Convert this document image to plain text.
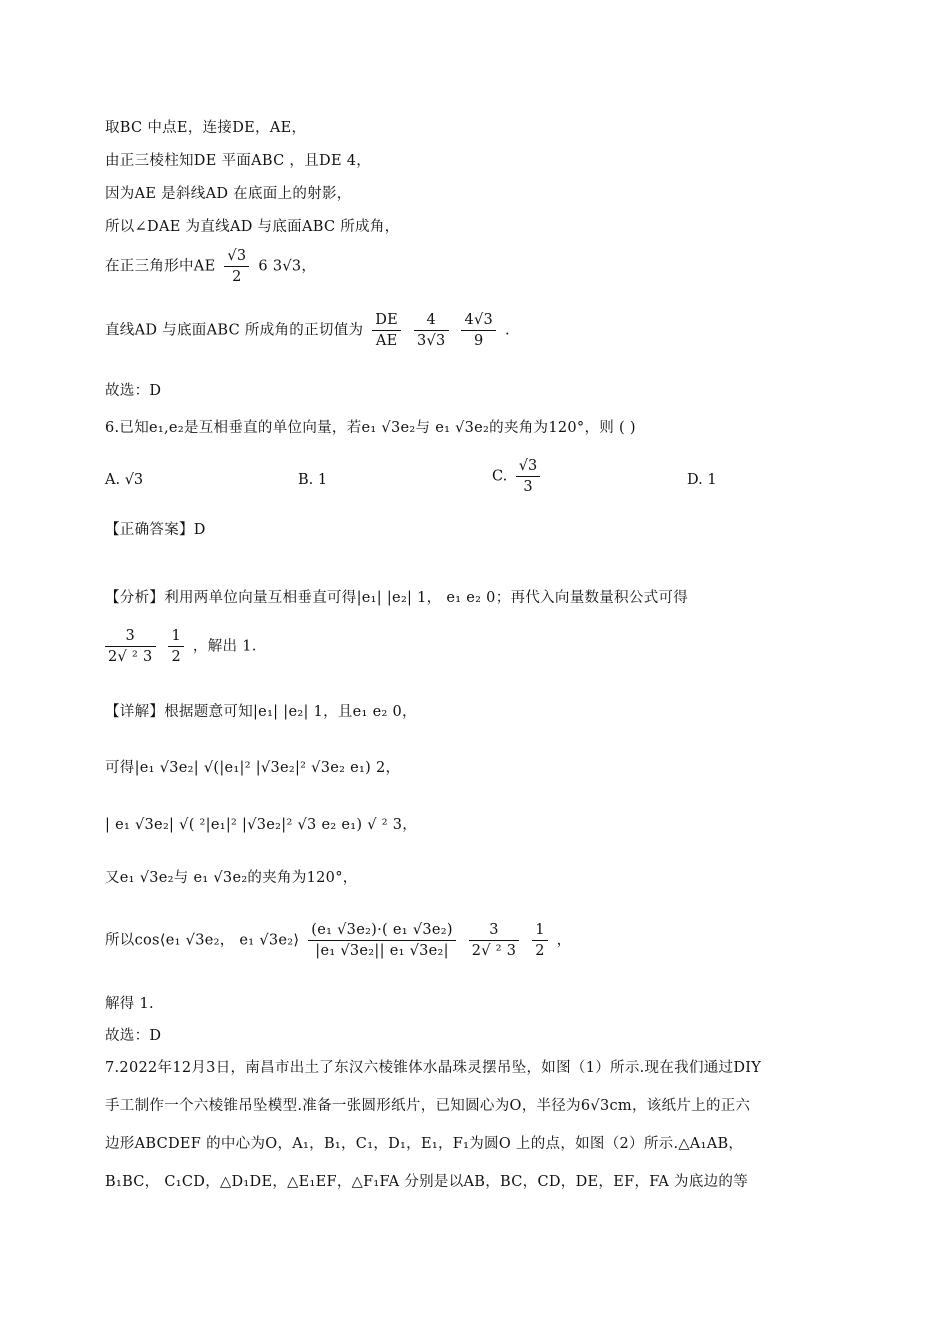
取BC 中点E，连接DE，AE，
由正三棱柱知DE 平面ABC ，且DE 4，
因为AE 是斜线AD 在底面上的射影，
所以∠DAE 为直线AD 与底面ABC 所成角，
在正三角形中AE $\frac{√3}{2} 6$ 3√3，
直线AD 与底面ABC 所成角的正切值为 $\frac{DE}{AE}$
$\frac{4}{3√3}$
$\frac{4√3}{9}$ .
故选：D
6.已知e₁,e₂是互相垂直的单位向量，若e₁ √3e₂与 e₁ √3e₂的夹角为120°，则 ( )
A. √3	B. 1	C. $\frac{√3}{3}$	D. 1
【正确答案】D
【分析】利用两单位向量互相垂直可得|e₁| |e₂| 1， e₁ e₂ 0；再代入向量数量积公式可得
$\frac{3}{\text{2√ ² 3}}$
$\frac{1}{2}$ ，解出 1.
【详解】根据题意可知|e₁| |e₂| 1，且e₁ e₂ 0，
可得|e₁ √3e₂| √(|e₁|² |√3e₂|² √3e₂ e₁) 2，
| e₁ √3e₂| √( ²|e₁|² |√3e₂|² √3 e₂ e₁) √ ² 3，
又e₁ √3e₂与 e₁ √3e₂的夹角为120°，
所以cos⟨e₁ √3e₂， e₁ √3e₂⟩ $\frac{\text{(e₁ √3e₂)·( e₁ √3e₂)}}{\text{|e₁ √3e₂|| e₁ √3e₂|}}$
$\frac{3}{\text{2√ ² 3}}$
$\frac{1}{2}$ ，
解得 1.
故选：D
7.2022年12月3日，南昌市出土了东汉六棱锥体水晶珠灵摆吊坠，如图（1）所示.现在我们通过DIY
手工制作一个六棱锥吊坠模型.准备一张圆形纸片，已知圆心为O，半径为6√3cm，该纸片上的正六
边形ABCDEF 的中心为O，A₁，B₁，C₁，D₁，E₁，F₁为圆O 上的点，如图（2）所示.△A₁AB，
B₁BC， C₁CD，△D₁DE，△E₁EF，△F₁FA 分别是以AB，BC，CD，DE，EF，FA 为底边的等
